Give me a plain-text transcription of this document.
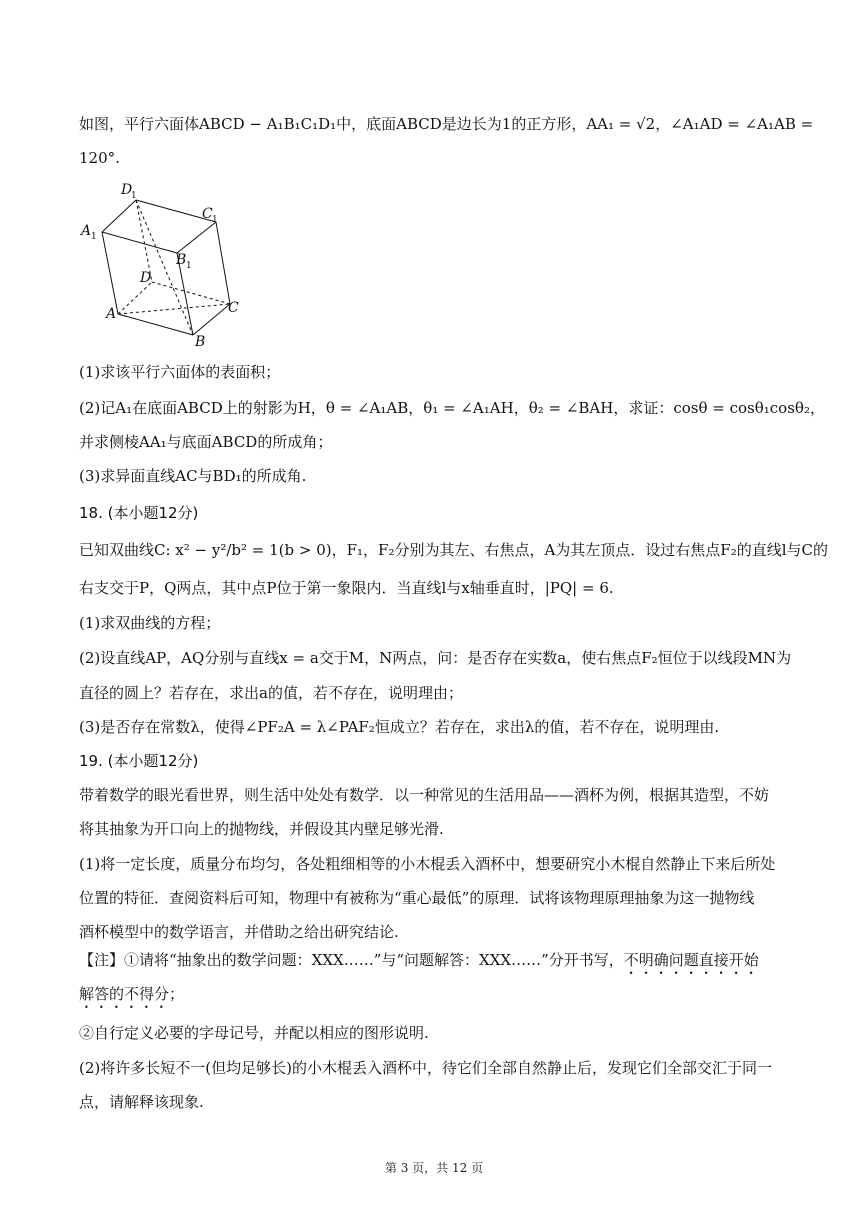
如图，平行六面体ABCD − A₁B₁C₁D₁中，底面ABCD是边长为1的正方形，AA₁ = √2，∠A₁AD = ∠A₁AB =
120°.
D
1
C 1
A 1
B 1
D
C
A
B
(1)求该平行六面体的表面积；
(2)记A₁在底面ABCD上的射影为H，θ = ∠A₁AB，θ₁ = ∠A₁AH，θ₂ = ∠BAH，求证：cosθ = cosθ₁cosθ₂，
并求侧棱AA₁与底面ABCD的所成角；
(3)求异面直线AC与BD₁的所成角.
18. (本小题12分)
已知双曲线C: x² − y²/b² = 1(b > 0)，F₁，F₂分别为其左、右焦点，A为其左顶点．设过右焦点F₂的直线l与C的
右支交于P，Q两点，其中点P位于第一象限内．当直线l与x轴垂直时，|PQ| = 6.
(1)求双曲线的方程；
(2)设直线AP，AQ分别与直线x = a交于M，N两点，问：是否存在实数a，使右焦点F₂恒位于以线段MN为
直径的圆上？若存在，求出a的值，若不存在，说明理由；
(3)是否存在常数λ，使得∠PF₂A = λ∠PAF₂恒成立？若存在，求出λ的值，若不存在，说明理由.
19. (本小题12分)
带着数学的眼光看世界，则生活中处处有数学．以一种常见的生活用品——酒杯为例，根据其造型，不妨
将其抽象为开口向上的抛物线，并假设其内壁足够光滑.
(1)将一定长度，质量分布均匀，各处粗细相等的小木棍丢入酒杯中，想要研究小木棍自然静止下来后所处
位置的特征．查阅资料后可知，物理中有被称为“重心最低”的原理．试将该物理原理抽象为这一抛物线
酒杯模型中的数学语言，并借助之给出研究结论.
【注】①请将“抽象出的数学问题：XXX……”与“问题解答：XXX……”分开书写，不明确问题直接开始
解答的不得分；
②自行定义必要的字母记号，并配以相应的图形说明.
(2)将许多长短不一(但均足够长)的小木棍丢入酒杯中，待它们全部自然静止后，发现它们全部交汇于同一
点，请解释该现象.
第 3 页，共 12 页
